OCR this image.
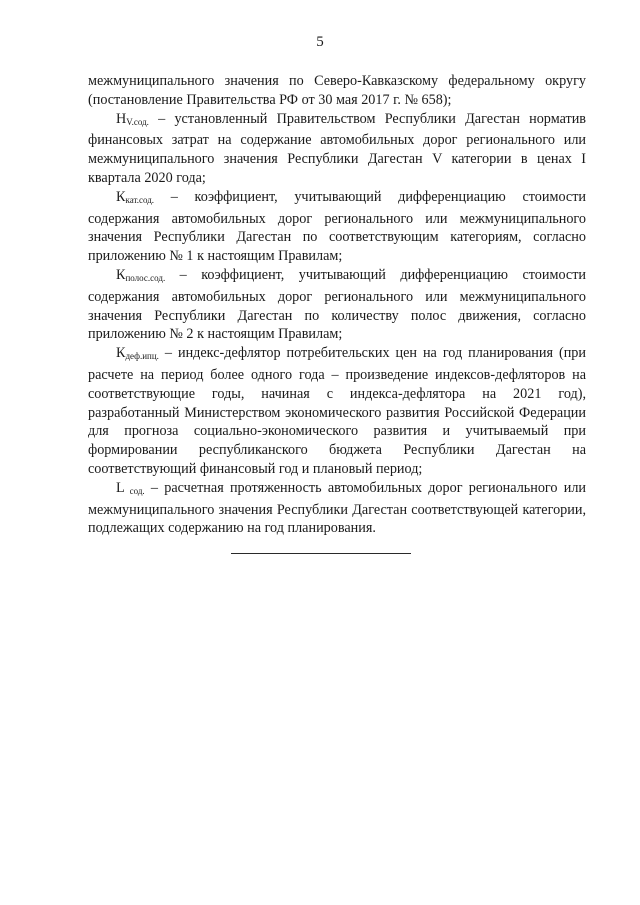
5

межмуниципального значения по Северо-Кавказскому федеральному округу (постановление Правительства РФ от 30 мая 2017 г. № 658);

$Н_{V.сод.}$ – установленный Правительством Республики Дагестан норматив финансовых затрат на содержание автомобильных дорог регионального или межмуниципального значения Республики Дагестан V категории в ценах I квартала 2020 года;

$К_{кат.сод.}$ – коэффициент, учитывающий дифференциацию стоимости содержания автомобильных дорог регионального или межмуниципального значения Республики Дагестан по соответствующим категориям, согласно приложению № 1 к настоящим Правилам;

$К_{полос.сод.}$ – коэффициент, учитывающий дифференциацию стоимости содержания автомобильных дорог регионального или межмуниципального значения Республики Дагестан по количеству полос движения, согласно приложению № 2 к настоящим Правилам;

$К_{деф.ипц.}$ – индекс-дефлятор потребительских цен на год планирования (при расчете на период более одного года – произведение индексов-дефляторов на соответствующие годы, начиная с индекса-дефлятора на 2021 год), разработанный Министерством экономического развития Российской Федерации для прогноза социально-экономического развития и учитываемый при формировании республиканского бюджета Республики Дагестан на соответствующий финансовый год и плановый период;

L $_{сод.}$ – расчетная протяженность автомобильных дорог регионального или межмуниципального значения Республики Дагестан соответствующей категории, подлежащих содержанию на год планирования.
